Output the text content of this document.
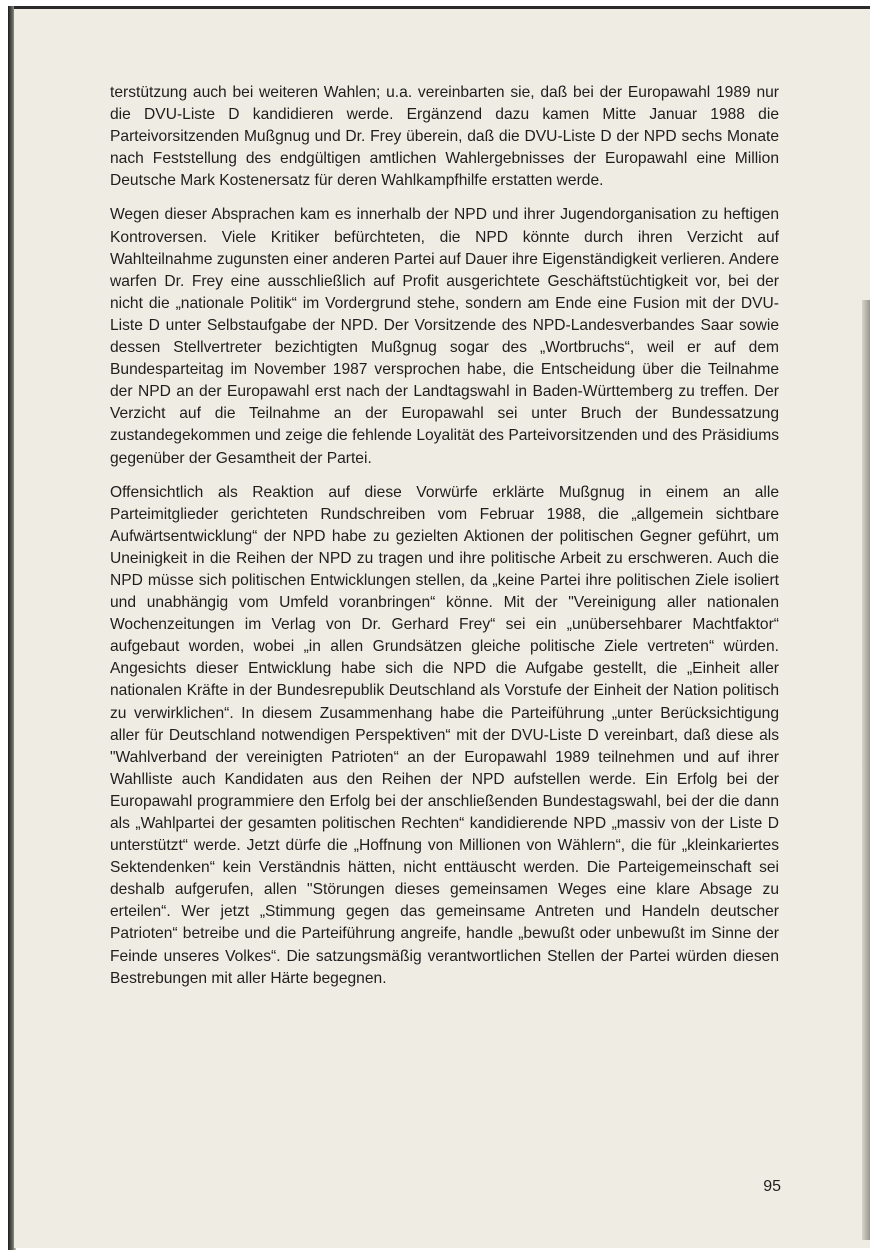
terstützung auch bei weiteren Wahlen; u.a. vereinbarten sie, daß bei der Europawahl 1989 nur die DVU-Liste D kandidieren werde. Ergänzend dazu kamen Mitte Januar 1988 die Parteivorsitzenden Mußgnug und Dr. Frey überein, daß die DVU-Liste D der NPD sechs Monate nach Feststellung des endgültigen amtlichen Wahlergebnisses der Europawahl eine Million Deutsche Mark Kostenersatz für deren Wahlkampfhilfe erstatten werde.

Wegen dieser Absprachen kam es innerhalb der NPD und ihrer Jugendorganisation zu heftigen Kontroversen. Viele Kritiker befürchteten, die NPD könnte durch ihren Verzicht auf Wahlteilnahme zugunsten einer anderen Partei auf Dauer ihre Eigenständigkeit verlieren. Andere warfen Dr. Frey eine ausschließlich auf Profit ausgerichtete Geschäftstüchtigkeit vor, bei der nicht die „nationale Politik“ im Vordergrund stehe, sondern am Ende eine Fusion mit der DVU-Liste D unter Selbstaufgabe der NPD. Der Vorsitzende des NPD-Landesverbandes Saar sowie dessen Stellvertreter bezichtigten Mußgnug sogar des „Wortbruchs“, weil er auf dem Bundesparteitag im November 1987 versprochen habe, die Entscheidung über die Teilnahme der NPD an der Europawahl erst nach der Landtagswahl in Baden-Württemberg zu treffen. Der Verzicht auf die Teilnahme an der Europawahl sei unter Bruch der Bundessatzung zustandegekommen und zeige die fehlende Loyalität des Parteivorsitzenden und des Präsidiums gegenüber der Gesamtheit der Partei.

Offensichtlich als Reaktion auf diese Vorwürfe erklärte Mußgnug in einem an alle Parteimitglieder gerichteten Rundschreiben vom Februar 1988, die „allgemein sichtbare Aufwärtsentwicklung“ der NPD habe zu gezielten Aktionen der politischen Gegner geführt, um Uneinigkeit in die Reihen der NPD zu tragen und ihre politische Arbeit zu erschweren. Auch die NPD müsse sich politischen Entwicklungen stellen, da „keine Partei ihre politischen Ziele isoliert und unabhängig vom Umfeld voranbringen“ könne. Mit der "Vereinigung aller nationalen Wochenzeitungen im Verlag von Dr. Gerhard Frey“ sei ein „unübersehbarer Machtfaktor“ aufgebaut worden, wobei „in allen Grundsätzen gleiche politische Ziele vertreten“ würden. Angesichts dieser Entwicklung habe sich die NPD die Aufgabe gestellt, die „Einheit aller nationalen Kräfte in der Bundesrepublik Deutschland als Vorstufe der Einheit der Nation politisch zu verwirklichen“. In diesem Zusammenhang habe die Parteiführung „unter Berücksichtigung aller für Deutschland notwendigen Perspektiven“ mit der DVU-Liste D vereinbart, daß diese als "Wahlverband der vereinigten Patrioten“ an der Europawahl 1989 teilnehmen und auf ihrer Wahlliste auch Kandidaten aus den Reihen der NPD aufstellen werde. Ein Erfolg bei der Europawahl programmiere den Erfolg bei der anschließenden Bundestagswahl, bei der die dann als „Wahlpartei der gesamten politischen Rechten“ kandidierende NPD „massiv von der Liste D unterstützt“ werde. Jetzt dürfe die „Hoffnung von Millionen von Wählern“, die für „kleinkariertes Sektendenken“ kein Verständnis hätten, nicht enttäuscht werden. Die Parteigemeinschaft sei deshalb aufgerufen, allen "Störungen dieses gemeinsamen Weges eine klare Absage zu erteilen“. Wer jetzt „Stimmung gegen das gemeinsame Antreten und Handeln deutscher Patrioten“ betreibe und die Parteiführung angreife, handle „bewußt oder unbewußt im Sinne der Feinde unseres Volkes“. Die satzungsmäßig verantwortlichen Stellen der Partei würden diesen Bestrebungen mit aller Härte begegnen.

95
